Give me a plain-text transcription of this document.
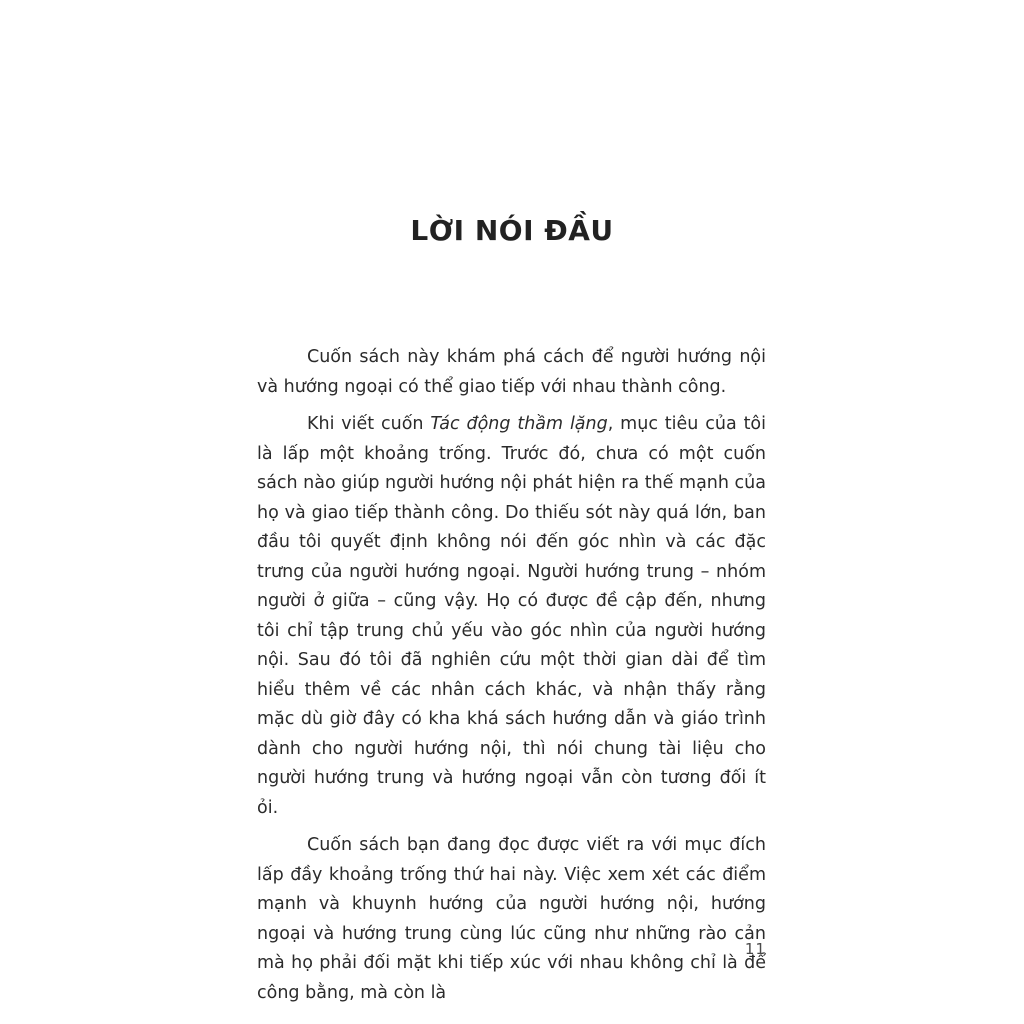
LỜI NÓI ĐẦU

Cuốn sách này khám phá cách để người hướng nội và hướng ngoại có thể giao tiếp với nhau thành công.

Khi viết cuốn Tác động thầm lặng, mục tiêu của tôi là lấp một khoảng trống. Trước đó, chưa có một cuốn sách nào giúp người hướng nội phát hiện ra thế mạnh của họ và giao tiếp thành công. Do thiếu sót này quá lớn, ban đầu tôi quyết định không nói đến góc nhìn và các đặc trưng của người hướng ngoại. Người hướng trung – nhóm người ở giữa – cũng vậy. Họ có được đề cập đến, nhưng tôi chỉ tập trung chủ yếu vào góc nhìn của người hướng nội. Sau đó tôi đã nghiên cứu một thời gian dài để tìm hiểu thêm về các nhân cách khác, và nhận thấy rằng mặc dù giờ đây có kha khá sách hướng dẫn và giáo trình dành cho người hướng nội, thì nói chung tài liệu cho người hướng trung và hướng ngoại vẫn còn tương đối ít ỏi.

Cuốn sách bạn đang đọc được viết ra với mục đích lấp đầy khoảng trống thứ hai này. Việc xem xét các điểm mạnh và khuynh hướng của người hướng nội, hướng ngoại và hướng trung cùng lúc cũng như những rào cản mà họ phải đối mặt khi tiếp xúc với nhau không chỉ là để công bằng, mà còn là

11
